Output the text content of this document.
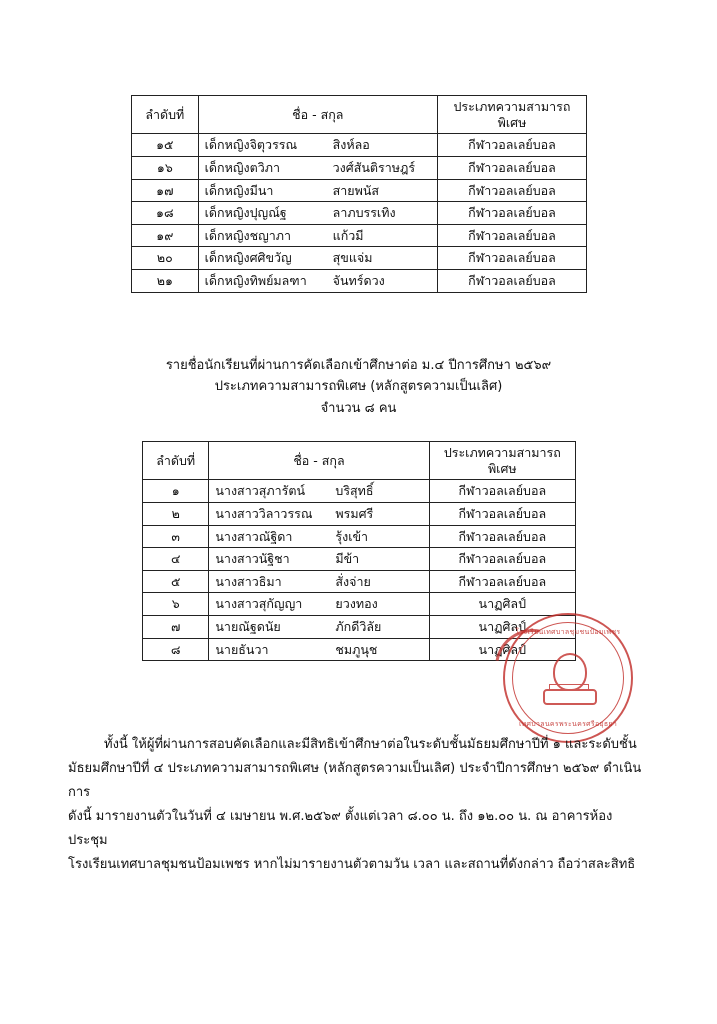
ลำดับที่	ชื่อ - สกุล	ประเภทความสามารถพิเศษ
๑๕	เด็กหญิงจิตุวรรณ สิงห์ลอ	กีฬาวอลเลย์บอล
๑๖	เด็กหญิงตวิภา วงศ์สันติราษฎร์	กีฬาวอลเลย์บอล
๑๗	เด็กหญิงมีนา สายพนัส	กีฬาวอลเลย์บอล
๑๘	เด็กหญิงปุญณ์ฐ ลาภบรรเทิง	กีฬาวอลเลย์บอล
๑๙	เด็กหญิงชญาภา แก้วมี	กีฬาวอลเลย์บอล
๒๐	เด็กหญิงศศิขวัญ สุขแจ่ม	กีฬาวอลเลย์บอล
๒๑	เด็กหญิงทิพย์มลฑา จันทร์ดวง	กีฬาวอลเลย์บอล
รายชื่อนักเรียนที่ผ่านการคัดเลือกเข้าศึกษาต่อ ม.๔ ปีการศึกษา ๒๕๖๙
ประเภทความสามารถพิเศษ (หลักสูตรความเป็นเลิศ)
จำนวน ๘ คน
ลำดับที่	ชื่อ - สกุล	ประเภทความสามารถพิเศษ
๑	นางสาวสุภารัตน์ บริสุทธิ์	กีฬาวอลเลย์บอล
๒	นางสาววิลาวรรณ พรมศรี	กีฬาวอลเลย์บอล
๓	นางสาวณัฐิดา รุ้งเข้า	กีฬาวอลเลย์บอล
๔	นางสาวนัฐิชา มีข้า	กีฬาวอลเลย์บอล
๕	นางสาวธิมา สั่งจ่าย	กีฬาวอลเลย์บอล
๖	นางสาวสุกัญญา ยวงทอง	นาฏศิลป์
๗	นายณัฐดนัย ภักดีวิลัย	นาฏศิลป์
๘	นายธันวา ชมภูนุช	นาฏศิลป์
โรงเรียนเทศบาลชุมชนป้อมเพชร
เทศบาลนครพระนครศรีอยุธยา
ทั้งนี้ ให้ผู้ที่ผ่านการสอบคัดเลือกและมีสิทธิเข้าศึกษาต่อในระดับชั้นมัธยมศึกษาปีที่ ๑ และระดับชั้น
มัธยมศึกษาปีที่ ๔ ประเภทความสามารถพิเศษ (หลักสูตรความเป็นเลิศ) ประจำปีการศึกษา ๒๕๖๙ ดำเนินการ
ดังนี้ มารายงานตัวในวันที่ ๔ เมษายน พ.ศ.๒๕๖๙ ตั้งแต่เวลา ๘.๐๐ น. ถึง ๑๒.๐๐ น. ณ อาคารห้องประชุม
โรงเรียนเทศบาลชุมชนป้อมเพชร หากไม่มารายงานตัวตามวัน เวลา และสถานที่ดังกล่าว ถือว่าสละสิทธิ
